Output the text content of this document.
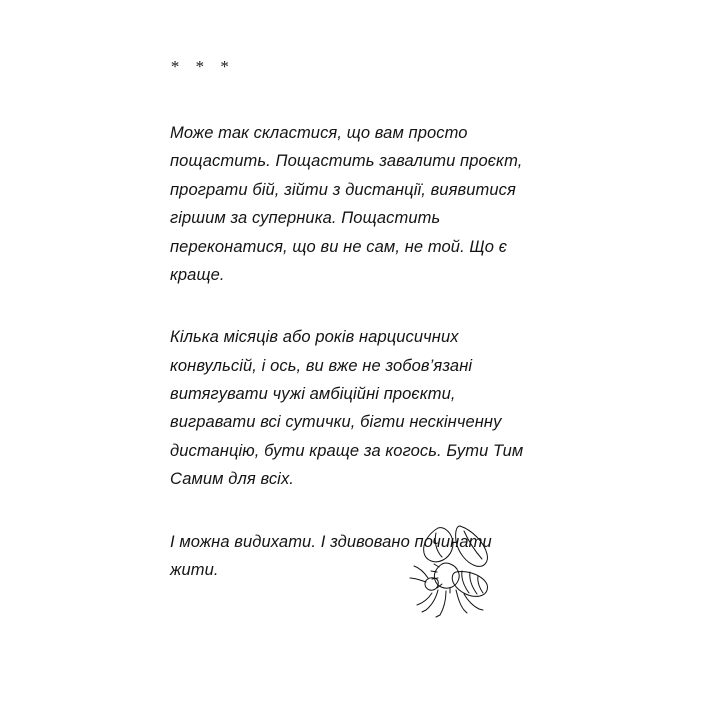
* * *

Може так скластися, що вам просто пощастить. Пощастить завалити проєкт, програти бій, зійти з дистанції, виявитися гіршим за суперника. Пощастить переконатися, що ви не сам, не той. Що є краще.

Кілька місяців або років нарцисичних конвульсій, і ось, ви вже не зобов’язані витягувати чужі амбіційні проєкти, вигравати всі сутички, бігти нескінченну дистанцію, бути краще за когось. Бути Тим Самим для всіх.

І можна видихати. І здивовано починати жити.
